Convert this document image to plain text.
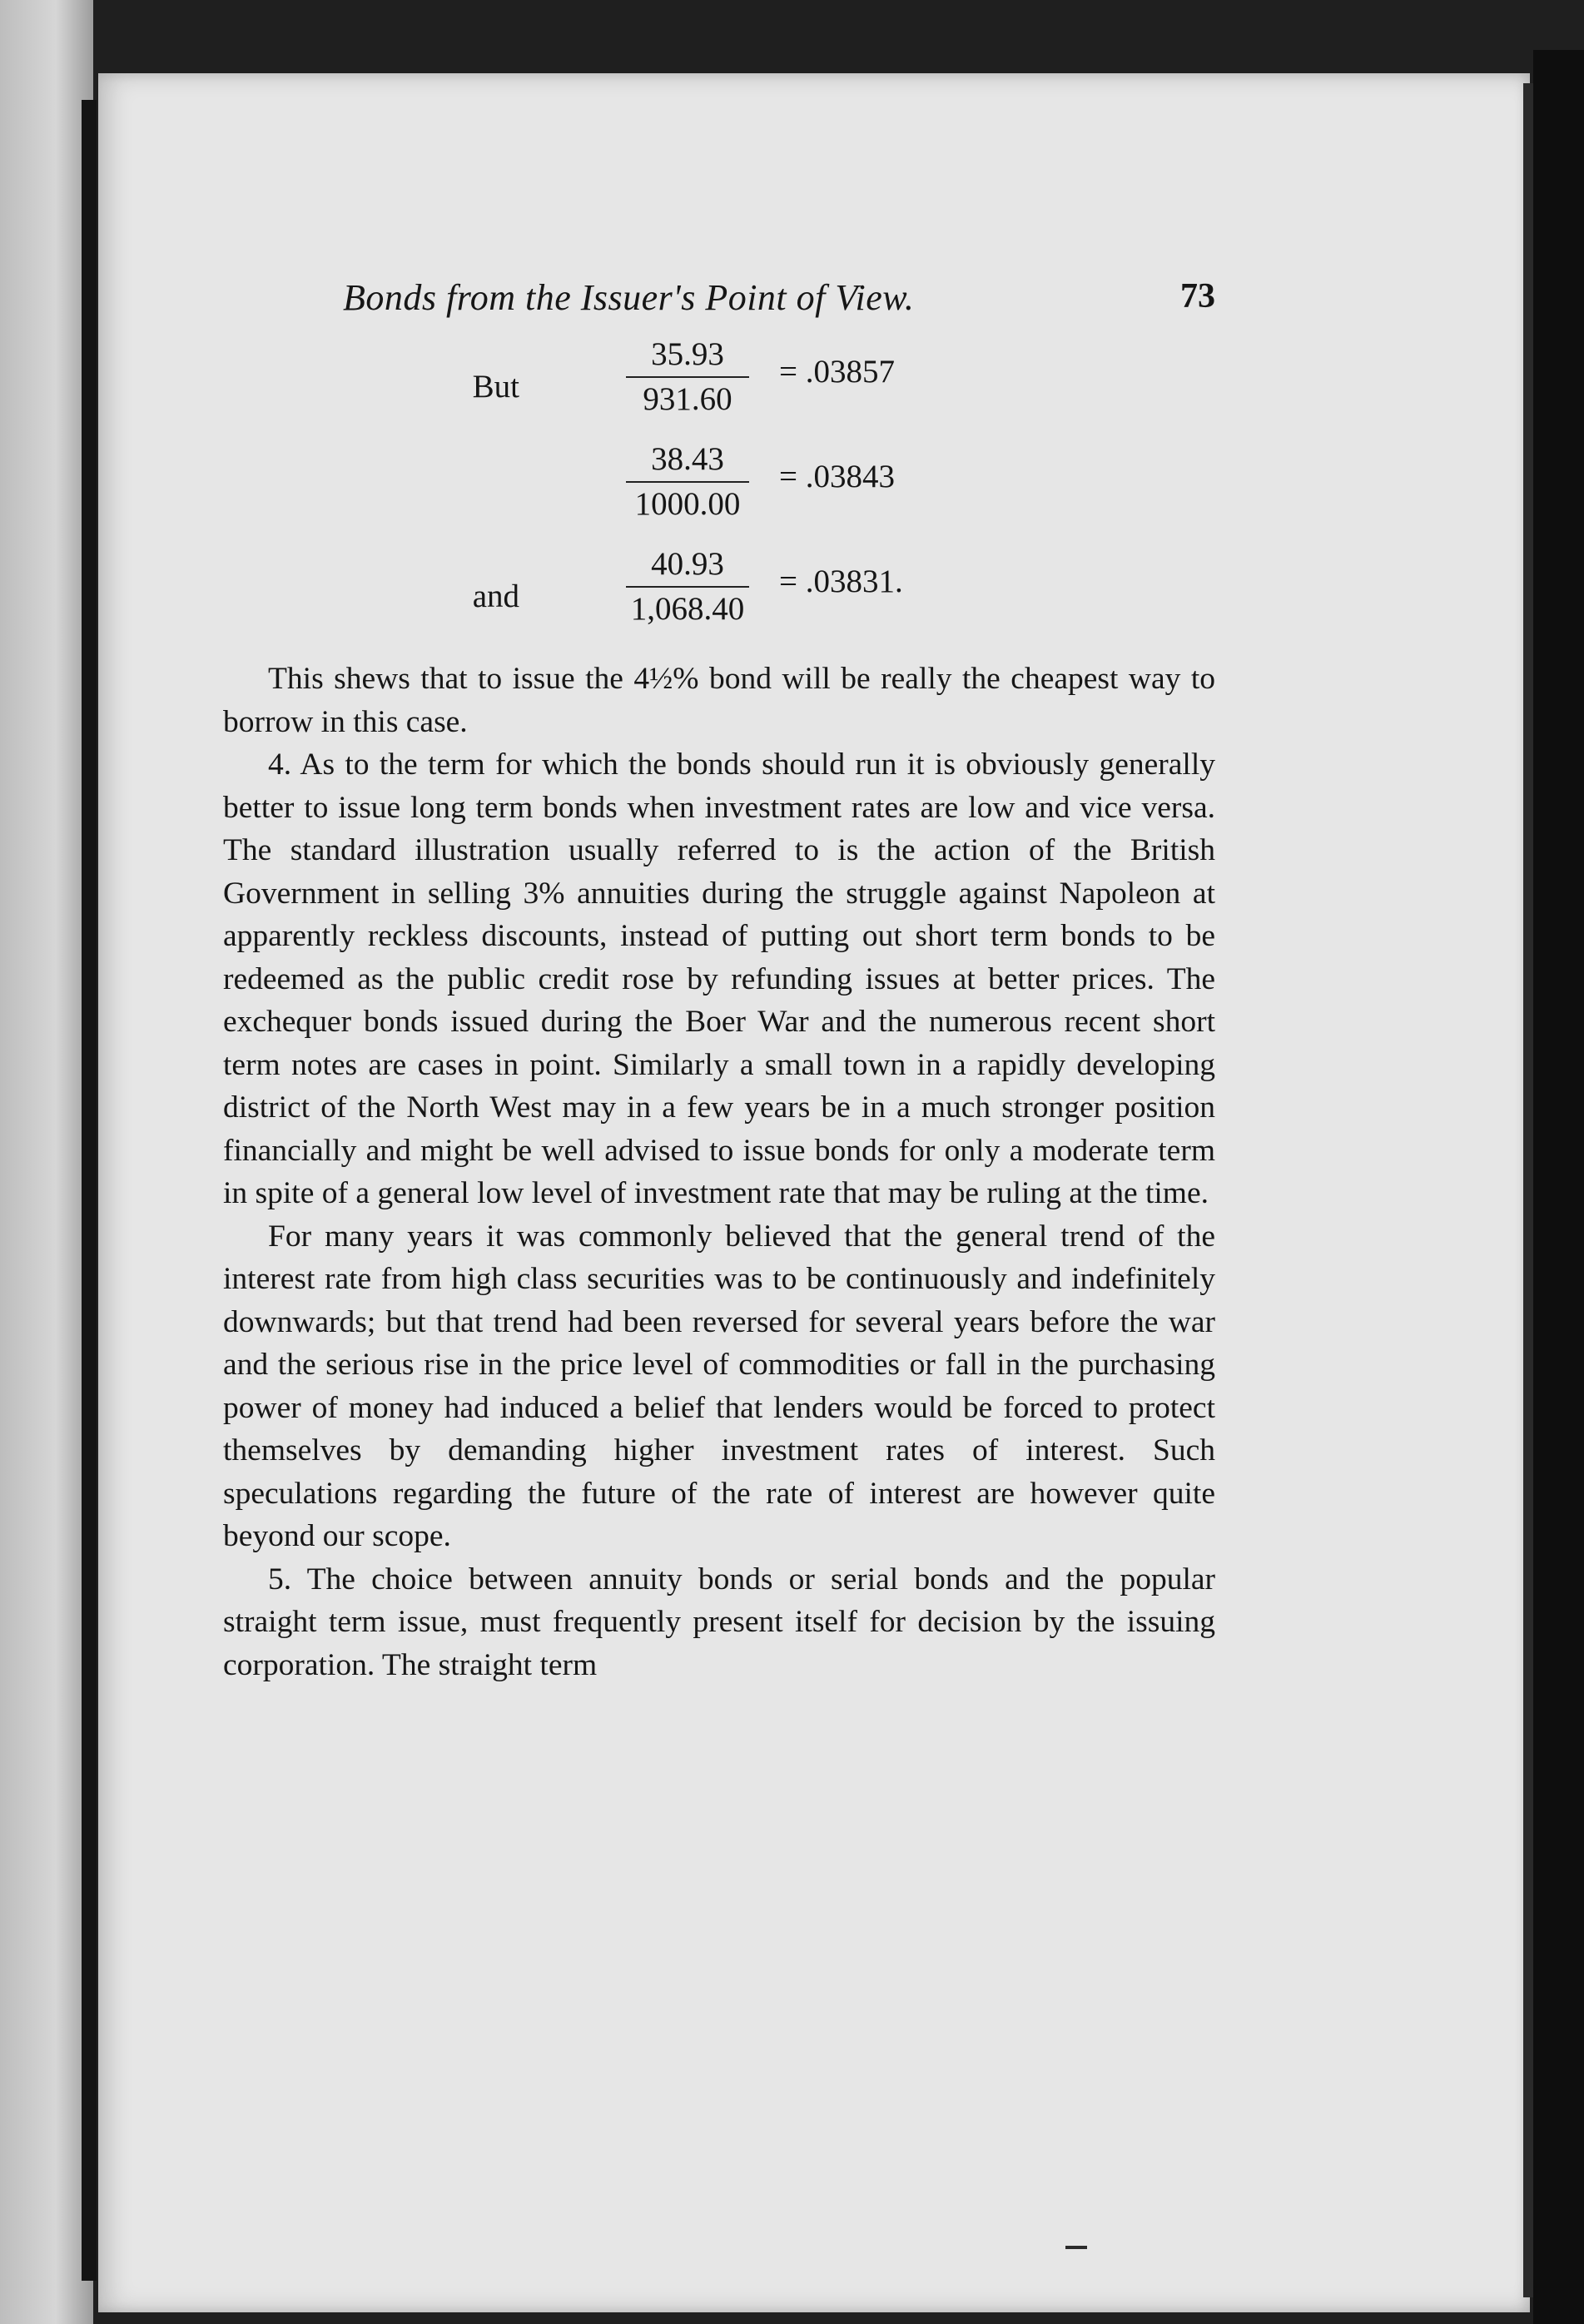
Bonds from the Issuer's Point of View.	73
But
35.93
931.60
= .03857
38.43
1000.00
= .03843
and
40.93
1,068.40
= .03831.

This shews that to issue the 4½% bond will be really the cheapest way to borrow in this case.

4. As to the term for which the bonds should run it is obviously generally better to issue long term bonds when investment rates are low and vice versa. The standard illustration usually referred to is the action of the British Government in selling 3% annuities during the struggle against Napoleon at apparently reckless discounts, instead of putting out short term bonds to be redeemed as the public credit rose by refunding issues at better prices. The exchequer bonds issued during the Boer War and the numerous recent short term notes are cases in point. Similarly a small town in a rapidly developing district of the North West may in a few years be in a much stronger position financially and might be well advised to issue bonds for only a moderate term in spite of a general low level of investment rate that may be ruling at the time.

For many years it was commonly believed that the general trend of the interest rate from high class securities was to be continuously and indefinitely downwards; but that trend had been reversed for several years before the war and the serious rise in the price level of commodities or fall in the purchasing power of money had induced a belief that lenders would be forced to protect themselves by demanding higher investment rates of interest. Such speculations regarding the future of the rate of interest are however quite beyond our scope.

5. The choice between annuity bonds or serial bonds and the popular straight term issue, must frequently present itself for decision by the issuing corporation. The straight term
